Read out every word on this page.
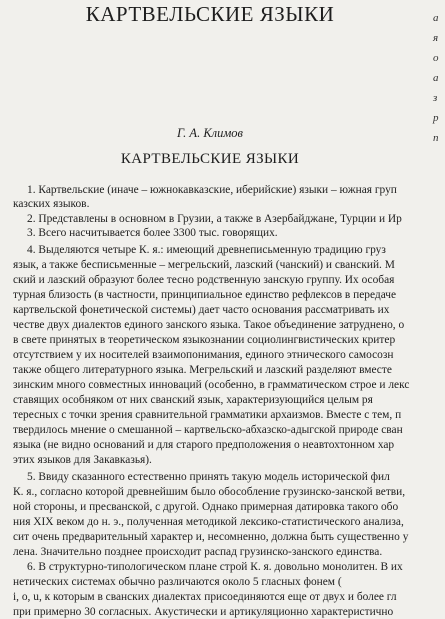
КАРТВЕЛЬСКИЕ ЯЗЫКИ	а
я
о
а
з
р
п
Г. А. Климов
КАРТВЕЛЬСКИЕ ЯЗЫКИ
1. Картвельские (иначе – южнокавказские, иберийские) языки – южная груп
казских языков.
2. Представлены в основном в Грузии, а также в Азербайджане, Турции и Ир
3. Всего насчитывается более 3300 тыс. говорящих.
4. Выделяются четыре К. я.: имеющий древнеписьменную традицию груз
язык, а также бесписьменные – мегрельский, лазский (чанский) и сванский. М
ский и лазский образуют более тесно родственную занскую группу. Их особая
турная близость (в частности, принципиальное единство рефлексов в передаче
картвельской фонетической системы) дает часто основания рассматривать их
честве двух диалектов единого занского языка. Такое объединение затруднено, о
в свете принятых в теоретическом языкознании социолингвистических критер
отсутствием у их носителей взаимопонимания, единого этнического самосозн
также общего литературного языка. Мегрельский и лазский разделяют вместе
зинским много совместных инноваций (особенно, в грамматическом строе и лекс
ставящих особняком от них сванский язык, характеризующийся целым ря
тересных с точки зрения сравнительной грамматики архаизмов. Вместе с тем, п
твердилось мнение о смешанной – картвельско-абхазско-адыгской природе сван
языка (не видно оснований и для старого предположения о неавтохтонном хар
этих языков для Закавказья).
5. Ввиду сказанного естественно принять такую модель исторической фил
К. я., согласно которой древнейшим было обособление грузинско-занской ветви,
ной стороны, и пресванской, с другой. Однако примерная датировка такого обо
ния XIX веком до н. э., полученная методикой лексико-статистического анализа,
сит очень предварительный характер и, несомненно, должна быть существенно у
лена. Значительно позднее происходит распад грузинско-занского единства.
6. В структурно-типологическом плане строй К. я. довольно монолитен. В их
нетических системах обычно различаются около 5 гласных фонем (
i, o, u, к которым в сванских диалектах присоединяются еще от двух и более гл
при примерно 30 согласных. Акустически и артикуляционно характеристично
